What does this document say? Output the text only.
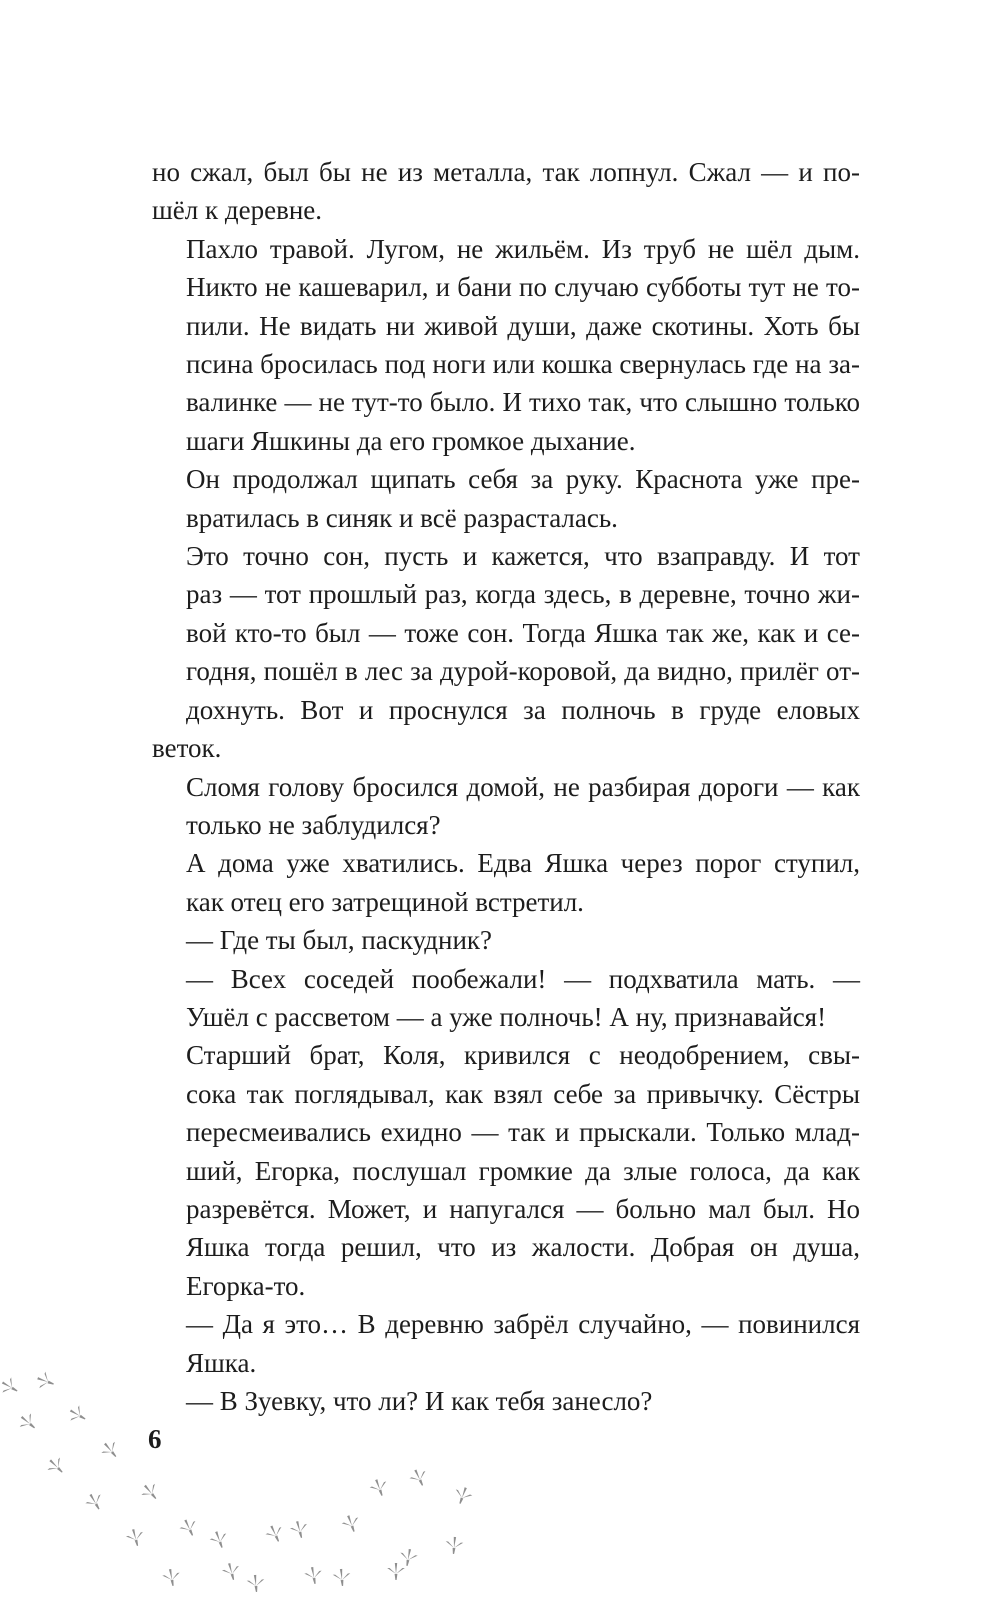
но сжал, был бы не из металла, так лопнул. Сжал — и по-
шёл к деревне.

Пахло травой. Лугом, не жильём. Из труб не шёл дым.
Никто не кашеварил, и бани по случаю субботы тут не то-
пили. Не видать ни живой души, даже скотины. Хоть бы
псина бросилась под ноги или кошка свернулась где на за-
валинке — не тут-то было. И тихо так, что слышно только
шаги Яшкины да его громкое дыхание.

Он продолжал щипать себя за руку. Краснота уже пре-
вратилась в синяк и всё разрасталась.

Это точно сон, пусть и кажется, что взаправду. И тот
раз — тот прошлый раз, когда здесь, в деревне, точно жи-
вой кто-то был — тоже сон. Тогда Яшка так же, как и се-
годня, пошёл в лес за дурой-коровой, да видно, прилёг от-
дохнуть. Вот и проснулся за полночь в груде еловых веток.
Сломя голову бросился домой, не разбирая дороги — как
только не заблудился?

А дома уже хватились. Едва Яшка через порог ступил,
как отец его затрещиной встретил.

— Где ты был, паскудник?

— Всех соседей пообежали! — подхватила мать. —
Ушёл с рассветом — а уже полночь! А ну, признавайся!

Старший брат, Коля, кривился с неодобрением, свы-
сока так поглядывал, как взял себе за привычку. Сёстры
пересмеивались ехидно — так и прыскали. Только млад-
ший, Егорка, послушал громкие да злые голоса, да как
разревётся. Может, и напугался — больно мал был. Но
Яшка тогда решил, что из жалости. Добрая он душа,
Егорка-то.

— Да я это… В деревню забрёл случайно, — повинился
Яшка.

— В Зуевку, что ли? И как тебя занесло?

6
